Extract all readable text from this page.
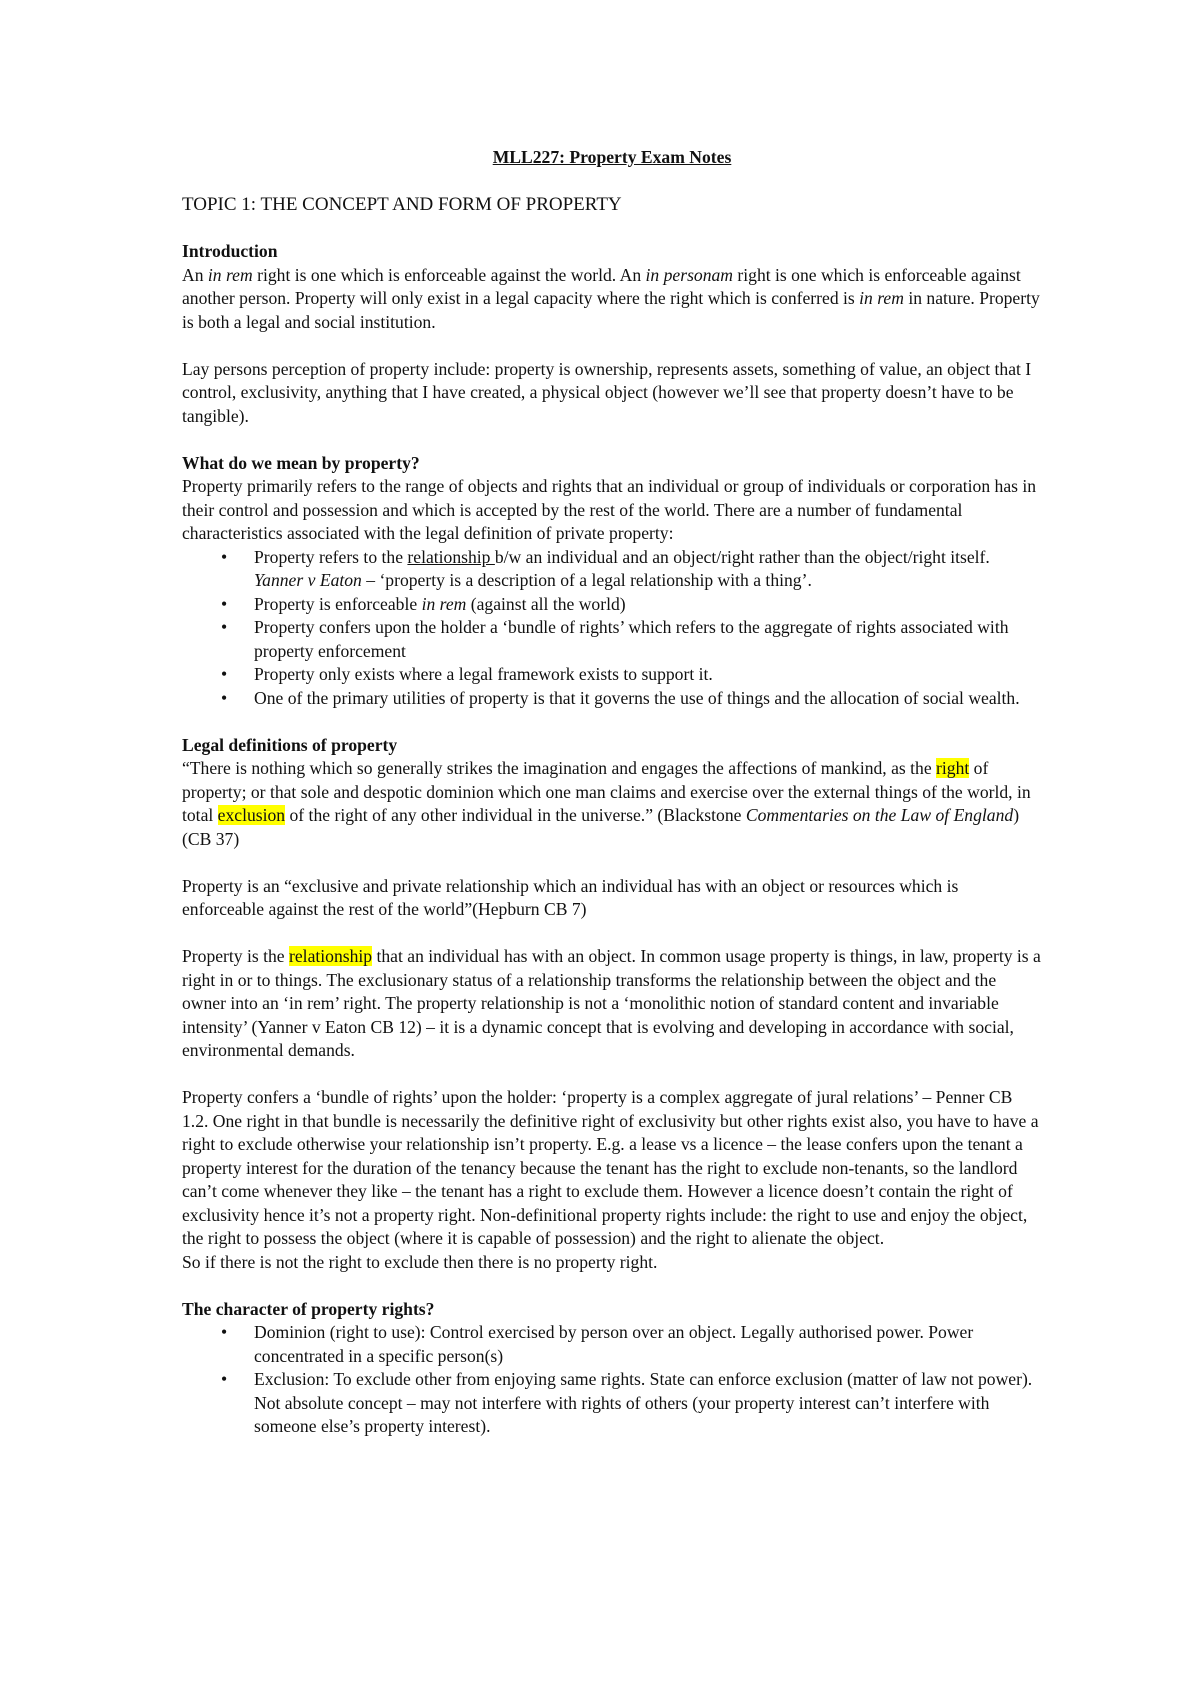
MLL227: Property Exam Notes

TOPIC 1: THE CONCEPT AND FORM OF PROPERTY

Introduction

An in rem right is one which is enforceable against the world. An in personam right is one which is enforceable against another person. Property will only exist in a legal capacity where the right which is conferred is in rem in nature. Property is both a legal and social institution.

Lay persons perception of property include: property is ownership, represents assets, something of value, an object that I control, exclusivity, anything that I have created, a physical object (however we’ll see that property doesn’t have to be tangible).

What do we mean by property?

Property primarily refers to the range of objects and rights that an individual or group of individuals or corporation has in their control and possession and which is accepted by the rest of the world. There are a number of fundamental characteristics associated with the legal definition of private property:

• Property refers to the relationship b/w an individual and an object/right rather than the object/right itself. Yanner v Eaton – ‘property is a description of a legal relationship with a thing’.
• Property is enforceable in rem (against all the world)
• Property confers upon the holder a ‘bundle of rights’ which refers to the aggregate of rights associated with property enforcement
• Property only exists where a legal framework exists to support it.
• One of the primary utilities of property is that it governs the use of things and the allocation of social wealth.

Legal definitions of property

“There is nothing which so generally strikes the imagination and engages the affections of mankind, as the right of property; or that sole and despotic dominion which one man claims and exercise over the external things of the world, in total exclusion of the right of any other individual in the universe.” (Blackstone Commentaries on the Law of England) (CB 37)

Property is an “exclusive and private relationship which an individual has with an object or resources which is enforceable against the rest of the world”(Hepburn CB 7)

Property is the relationship that an individual has with an object. In common usage property is things, in law, property is a right in or to things. The exclusionary status of a relationship transforms the relationship between the object and the owner into an ‘in rem’ right. The property relationship is not a ‘monolithic notion of standard content and invariable intensity’ (Yanner v Eaton CB 12) – it is a dynamic concept that is evolving and developing in accordance with social, environmental demands.

Property confers a ‘bundle of rights’ upon the holder: ‘property is a complex aggregate of jural relations’ – Penner CB 1.2. One right in that bundle is necessarily the definitive right of exclusivity but other rights exist also, you have to have a right to exclude otherwise your relationship isn’t property. E.g. a lease vs a licence – the lease confers upon the tenant a property interest for the duration of the tenancy because the tenant has the right to exclude non-tenants, so the landlord can’t come whenever they like – the tenant has a right to exclude them. However a licence doesn’t contain the right of exclusivity hence it’s not a property right. Non-definitional property rights include: the right to use and enjoy the object, the right to possess the object (where it is capable of possession) and the right to alienate the object.

So if there is not the right to exclude then there is no property right.

The character of property rights?

• Dominion (right to use): Control exercised by person over an object. Legally authorised power. Power concentrated in a specific person(s)
• Exclusion: To exclude other from enjoying same rights. State can enforce exclusion (matter of law not power). Not absolute concept – may not interfere with rights of others (your property interest can’t interfere with someone else’s property interest).
